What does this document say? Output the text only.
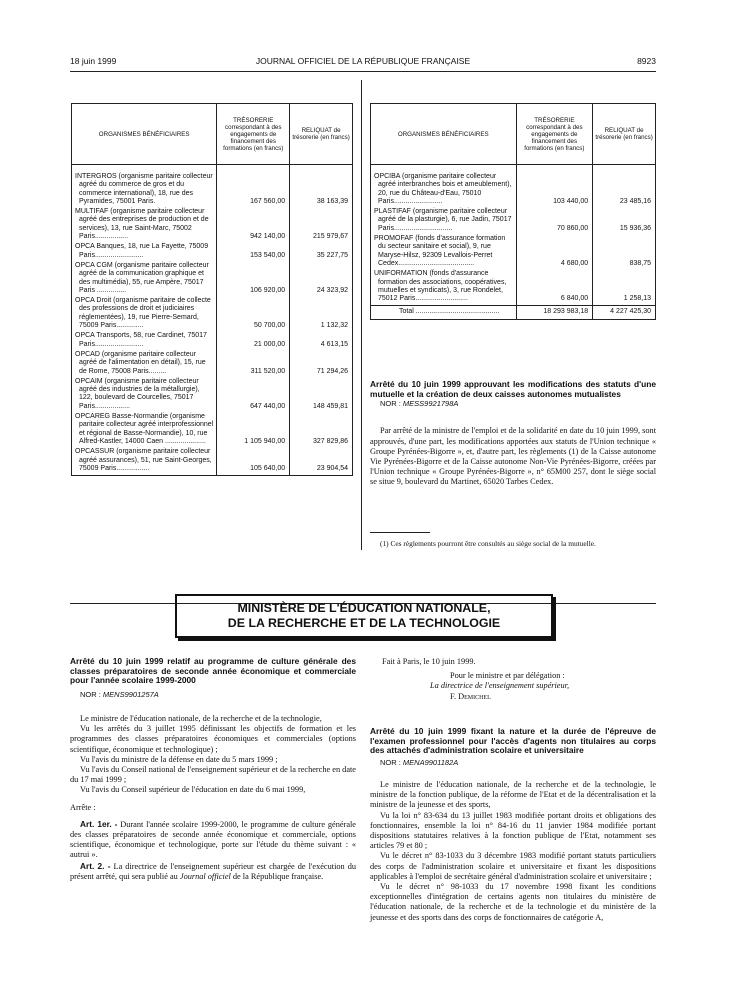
18 juin 1999	JOURNAL OFFICIEL DE LA RÉPUBLIQUE FRANÇAISE	8923
ORGANISMES BÉNÉFICIAIRES	TRÉSORERIE correspondant à des engagements de financement des formations (en francs)	RELIQUAT de trésorerie (en francs)

INTERGROS (organisme paritaire collecteur agréé du commerce de gros et du commerce international), 18, rue des Pyramides, 75001 Paris.	167 560,00	38 163,39
MULTIFAF (organisme paritaire collecteur agréé des entreprises de production et de services), 13, rue Saint-Marc, 75002 Paris.................	942 140,00	215 979,67
OPCA Banques, 18, rue La Fayette, 75009 Paris.........................	153 540,00	35 227,75
OPCA CGM (organisme paritaire collecteur agréé de la communication graphique et des multimédia), 55, rue Ampère, 75017 Paris ...............	106 920,00	24 323,92
OPCA Droit (organisme paritaire de collecte des professions de droit et judiciaires réglementées), 19, rue Pierre-Semard, 75009 Paris..............	50 700,00	1 132,32
OPCA Transports, 58, rue Cardinet, 75017 Paris.........................	21 000,00	4 613,15
OPCAD (organisme paritaire collecteur agréé de l'alimentation en détail), 15, rue de Rome, 75008 Paris.........	311 520,00	71 294,26
OPCAIM (organisme paritaire collecteur agréé des industries de la métallurgie), 122, boulevard de Courcelles, 75017 Paris..................	647 440,00	148 459,81
OPCAREG Basse-Normandie (organisme paritaire collecteur agréé interprofessionnel et régional de Basse-Normandie), 10, rue Alfred-Kastler, 14000 Caen .....................	1 105 940,00	327 829,86
OPCASSUR (organisme paritaire collecteur agréé assurances), 51, rue Saint-Georges, 75009 Paris.................	105 640,00	23 904,54
ORGANISMES BÉNÉFICIAIRES	TRÉSORERIE correspondant à des engagements de financement des formations (en francs)	RELIQUAT de trésorerie (en francs)

OPCIBA (organisme paritaire collecteur agréé interbranches bois et ameublement), 20, rue du Château-d'Eau, 75010 Paris.........................	103 440,00	23 485,16
PLASTIFAF (organisme paritaire collecteur agréé de la plasturgie), 6, rue Jadin, 75017 Paris..............................	70 860,00	15 936,36
PROMOFAF (fonds d'assurance formation du secteur sanitaire et social), 9, rue Maryse-Hilsz, 92309 Levallois-Perret Cedex.......................................	4 680,00	838,75
UNIFORMATION (fonds d'assurance formation des associations, coopératives, mutuelles et syndicats), 3, rue Rondelet, 75012 Paris...........................	6 840,00	1 258,13
Total ...........................................	18 293 983,18	4 227 425,30

Arrêté du 10 juin 1999 approuvant les modifications des statuts d'une mutuelle et la création de deux caisses autonomes mutualistes

NOR : MESS9921798A

Par arrêté de la ministre de l'emploi et de la solidarité en date du 10 juin 1999, sont approuvés, d'une part, les modifications apportées aux statuts de l'Union technique « Groupe Pyrénées-Bigorre », et, d'autre part, les règlements (1) de la Caisse autonome Vie Pyrénées-Bigorre et de la Caisse autonome Non-Vie Pyrénées-Bigorre, créées par l'Union technique « Groupe Pyrénées-Bigorre », n° 65M00 257, dont le siège social se situe 9, boulevard du Martinet, 65020 Tarbes Cedex.

(1) Ces règlements pourront être consultés au siège social de la mutuelle.

MINISTÈRE DE L'ÉDUCATION NATIONALE,
DE LA RECHERCHE ET DE LA TECHNOLOGIE

Arrêté du 10 juin 1999 relatif au programme de culture générale des classes préparatoires de seconde année économique et commerciale pour l'année scolaire 1999-2000

NOR : MENS9901257A

Le ministre de l'éducation nationale, de la recherche et de la technologie,

Vu les arrêtés du 3 juillet 1995 définissant les objectifs de formation et les programmes des classes préparatoires économiques et commerciales (options scientifique, économique et technologique) ;

Vu l'avis du ministre de la défense en date du 5 mars 1999 ;

Vu l'avis du Conseil national de l'enseignement supérieur et de la recherche en date du 17 mai 1999 ;

Vu l'avis du Conseil supérieur de l'éducation en date du 6 mai 1999,

Arrête :

Art. 1er. - Durant l'année scolaire 1999-2000, le programme de culture générale des classes préparatoires de seconde année économique et commerciale, options scientifique, économique et technologique, porte sur l'étude du thème suivant : « autrui ».

Art. 2. - La directrice de l'enseignement supérieur est chargée de l'exécution du présent arrêté, qui sera publié au Journal officiel de la République française.

Fait à Paris, le 10 juin 1999.

Pour le ministre et par délégation :

La directrice de l'enseignement supérieur,

F. Demichel

Arrêté du 10 juin 1999 fixant la nature et la durée de l'épreuve de l'examen professionnel pour l'accès d'agents non titulaires au corps des attachés d'administration scolaire et universitaire

NOR : MENA9901182A

Le ministre de l'éducation nationale, de la recherche et de la technologie, le ministre de la fonction publique, de la réforme de l'Etat et de la décentralisation et la ministre de la jeunesse et des sports,

Vu la loi n° 83-634 du 13 juillet 1983 modifiée portant droits et obligations des fonctionnaires, ensemble la loi n° 84-16 du 11 janvier 1984 modifiée portant dispositions statutaires relatives à la fonction publique de l'Etat, notamment ses articles 79 et 80 ;

Vu le décret n° 83-1033 du 3 décembre 1983 modifié portant statuts particuliers des corps de l'administration scolaire et universitaire et fixant les dispositions applicables à l'emploi de secrétaire général d'administration scolaire et universitaire ;

Vu le décret n° 98-1033 du 17 novembre 1998 fixant les conditions exceptionnelles d'intégration de certains agents non titulaires du ministère de l'éducation nationale, de la recherche et de la technologie et du ministère de la jeunesse et des sports dans des corps de fonctionnaires de catégorie A,
